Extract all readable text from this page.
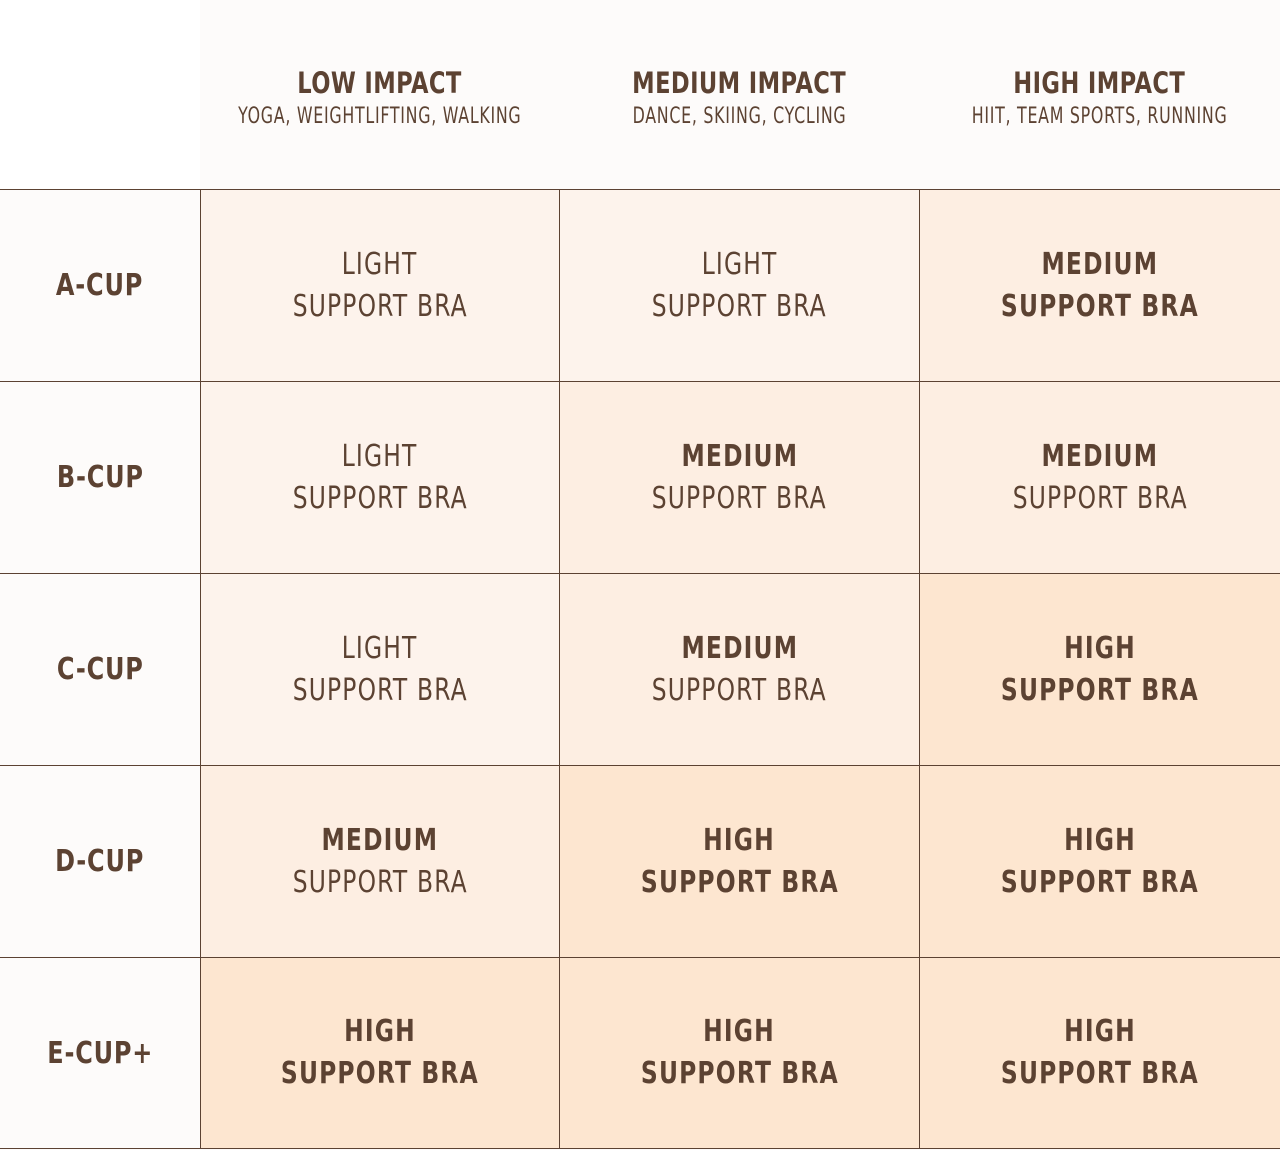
LOW IMPACT
YOGA, WEIGHTLIFTING, WALKING
MEDIUM IMPACT
DANCE, SKIING, CYCLING
HIGH IMPACT
HIIT, TEAM SPORTS, RUNNING
A-CUP
LIGHT
SUPPORT BRA
LIGHT
SUPPORT BRA
MEDIUM
SUPPORT BRA
B-CUP
LIGHT
SUPPORT BRA
MEDIUM
SUPPORT BRA
MEDIUM
SUPPORT BRA
C-CUP
LIGHT
SUPPORT BRA
MEDIUM
SUPPORT BRA
HIGH
SUPPORT BRA
D-CUP
MEDIUM
SUPPORT BRA
HIGH
SUPPORT BRA
HIGH
SUPPORT BRA
E-CUP+
HIGH
SUPPORT BRA
HIGH
SUPPORT BRA
HIGH
SUPPORT BRA
